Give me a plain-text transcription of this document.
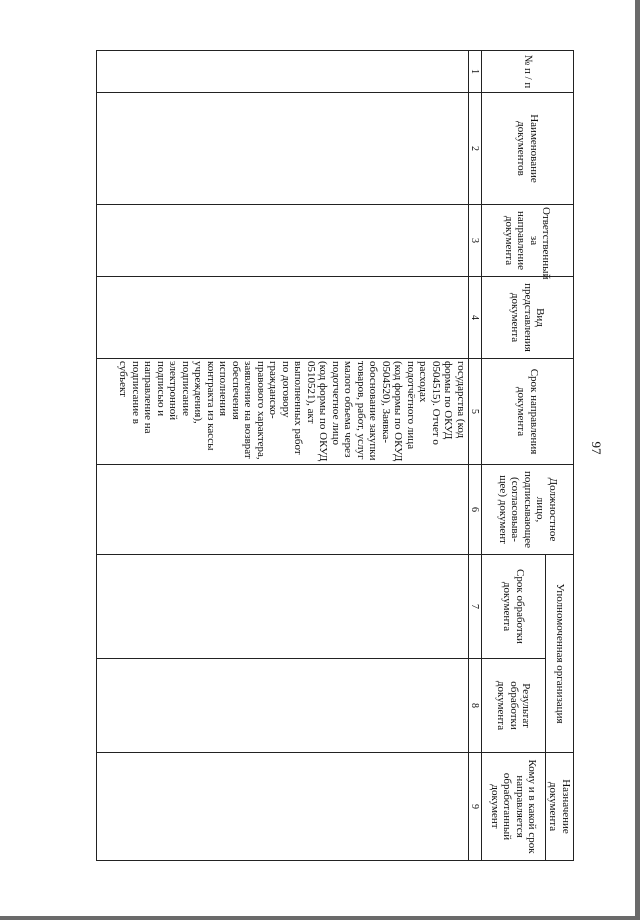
97
№ п / п	Наименование документов	Ответственный за направление документа	Вид представления документа	Срок направления документа	Должностное лицо, подписывающее (согласовыва-щее) документ	Уполномоченная организация		Назначение документа
						Срок обработки документа	Результат обработки документа	Кому и в какой срок направляется обработанный документ
1	2	3	4	5	6	7	8	9
				государства (код формы по ОКУД 0504515). Отчет о расходах подотчётного лица (код формы по ОКУД 0504520), Заявка-обоснование закупки товаров, работ, услуг малого объема через подотчетное лицо (код формы по ОКУД 0510521), акт выполненных работ по договору гражданско-правового характера, заявление на возврат обеспечения исполнения контракта из кассы учреждения), подписание электронной подписью и направление на подписание в субъект				
